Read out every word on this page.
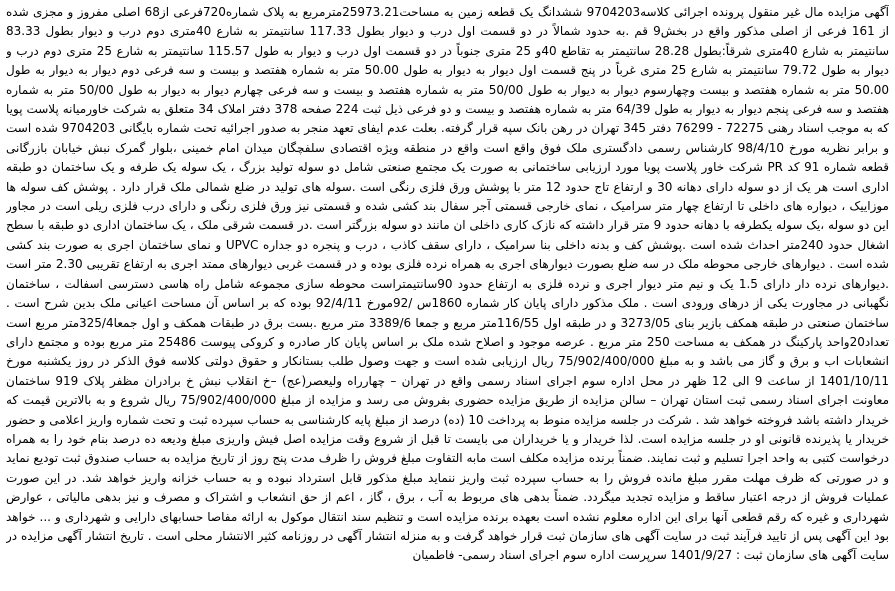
آگهی مزایده مال غیر منقول پرونده اجرائی کلاسه9704203 ششدانگ یک قطعه زمین به مساحت25973.21مترمربع به پلاک شماره720فرعی از68 اصلی مفروز و مجزی شده از 161 فرعی از اصلی مذکور واقع در بخش9 قم .به حدود شمالاً در دو قسمت اول درب و دیوار بطول 117.33 سانتیمتر به شارع 40متری دوم درب و دیوار بطول 83.33 سانتیمتر به شارع 40متری شرقاً:بطول 28.28 سانتیمتر به تقاطع 40و 25 متری جنوباً در دو قسمت اول درب و دیوار به طول 115.57 سانتیمتر به شارع 25 متری دوم درب و دیوار به طول 79.72 سانتیمتر به شارع 25 متری غرباً در پنج قسمت اول دیوار به دیوار به طول 50.00 متر به شماره هفتصد و بیست و سه فرعی دوم دیوار به دیوار به طول 50.00 متر به شماره هفتصد و بیست وچهارسوم دیوار به دیوار به طول 50/00 متر به شماره هفتصد و بیست و سه فرعی چهارم دیوار به دیوار به طول 50/00 متر به شماره هفتصد و سه فرعی پنجم دیوار به دیوار به طول 64/39 متر به شماره هفتصد و بیست و دو فرعی ذیل ثبت 224 صفحه 378 دفتر املاک 34 متعلق به شرکت خاورمیانه پلاست پویا که به موجب اسناد رهنی 72275 - 76299 دفتر 345 تهران در رهن بانک سپه قرار گرفته. بعلت عدم ایفای تعهد منجر به صدور اجرائیه تحت شماره بایگانی 9704203 شده است و برابر نظریه مورخ 98/4/10 کارشناس رسمی دادگستری ملک فوق واقع است واقع در منطقه ویژه اقتصادی سلفچگان میدان امام خمینی ،بلوار گمرک نبش خیابان بازرگانی قطعه شماره 91 کد PR شرکت خاور پلاست پویا مورد ارزیابی ساختمانی به صورت یک مجتمع صنعتی شامل دو سوله تولید بزرگ ، یک سوله یک طرفه و یک ساختمان دو طبقه اداری است هر یک از دو سوله دارای دهانه 30 و ارتفاع تاج حدود 12 متر با پوشش ورق فلزی رنگی است .سوله های تولید در ضلع شمالی ملک قرار دارد . پوشش کف سوله ها موزاییک ، دیواره های داخلی تا ارتفاع چهار متر سرامیک ، نمای خارجی قسمتی آجر سفال بند کشی شده و قسمتی نیز ورق فلزی رنگی و دارای درب فلزی ریلی است در مجاور این دو سوله ،یک سوله یکطرفه با دهانه حدود 9 متر قرار داشته که نازک کاری داخلی ان مانند دو سوله بزرگتر است .در قسمت شرقی ملک ، یک ساختمان اداری دو طبقه با سطح اشغال حدود 240متر احداث شده است .پوشش کف و بدنه داخلی بنا سرامیک ، دارای سقف کاذب ، درب و پنجره دو جداره UPVC و نمای ساختمان اجری به صورت بند کشی شده است . دیوارهای خارجی محوطه ملک در سه ضلع بصورت دیوارهای اجری به همراه نرده فلزی بوده و در قسمت غربی دیوارهای ممتد اجری به ارتفاع تقریبی 2.30 متر است .دیوارهای نرده دار دارای 1.5 یک و نیم متر دیوار اجری و نرده فلزی به ارتفاع حدود 90سانتیمتراست محوطه سازی مجموعه شامل راه هاسی دسترسی اسفالت ، ساختمان نگهبانی در مجاورت یکی از درهای ورودی است . ملک مذکور دارای پایان کار شماره 1860س /92مورخ 92/4/11 بوده که بر اساس آن مساحت اعیانی ملک بدین شرح است . ساختمان صنعتی در طبقه همکف بازیر بنای 3273/05 و در طبقه اول 116/55متر مربع و جمعا 3389/6 متر مربع .بست برق در طبقات همکف و اول جمعا325/4متر مربع است تعداد20واحد پارکینگ در همکف به مساحت 250 متر مربع . عرصه موجود و اصلاح شده ملک بر اساس پایان کار صادره و کروکی پیوست 25486 متر مربع بوده و مجتمع دارای انشعابات اب و برق و گاز می باشد و به مبلغ 75/902/400/000 ریال ارزیابی شده است و جهت وصول طلب بستانکار و حقوق دولتی کلاسه فوق الذکر در روز یکشنبه مورخ 1401/10/11 از ساعت 9 الی 12 ظهر در محل اداره سوم اجرای اسناد رسمی واقع در تهران – چهارراه ولیعصر(عج) –خ انقلاب نبش خ برادران مظفر پلاک 919 ساختمان معاونت اجرای اسناد رسمی ثبت استان تهران – سالن مزایده از طریق مزایده حضوری بفروش می رسد و مزایده از مبلغ 75/902/400/000 ریال شروع و به بالاترین قیمت که خریدار داشته باشد فروخته خواهد شد . شرکت در جلسه مزایده منوط به پرداخت 10 (ده) درصد از مبلغ پایه کارشناسی به حساب سپرده ثبت و تحت شماره واریز اعلامی و حضور خریدار یا پذیرنده قانونی او در جلسه مزایده است. لذا خریدار و یا خریداران می بایست تا قبل از شروع وقت مزایده اصل فیش واریزی مبلغ ودیعه ده درصد بنام خود را به همراه درخواست کتبی به واحد اجرا تسلیم و ثبت نمایند. ضمناً برنده مزایده مکلف است مابه التفاوت مبلغ فروش را ظرف مدت پنج روز از تاریخ مزایده به حساب صندوق ثبت تودیع نماید و در صورتی که ظرف مهلت مقرر مبلغ مانده فروش را به حساب سپرده ثبت واریز ننماید مبلغ مذکور قابل استرداد نبوده و به حساب خزانه واریز خواهد شد. در این صورت عملیات فروش از درجه اعتبار ساقط و مزایده تجدید میگردد. ضمناً بدهی های مربوط به آب ، برق ، گاز ، اعم از حق انشعاب و اشتراک و مصرف و نیز بدهی مالیاتی ، عوارض شهرداری و غیره که رقم قطعی آنها برای این اداره معلوم نشده است بعهده برنده مزایده است و تنظیم سند انتقال موکول به ارائه مفاصا حسابهای دارایی و شهرداری و ... خواهد بود این آگهی پس از تایید فرآیند ثبت در سایت آگهی های سازمان ثبت قرار خواهد گرفت و به منزله انتشار آگهی در روزنامه کثیر الانتشار محلی است . تاریخ انتشار آگهی مزایده در سایت آگهی های سازمان ثبت : 1401/9/27 سرپرست اداره سوم اجرای اسناد رسمی- فاطمیان
